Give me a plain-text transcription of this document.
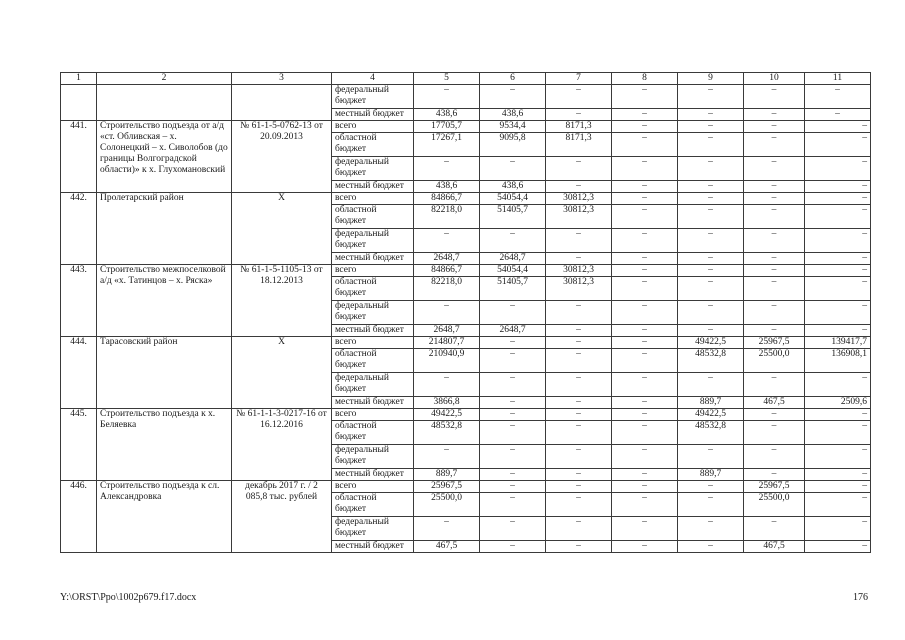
1	2	3	4	5	6	7	8	9	10	11
			федеральный бюджет	–	–	–	–	–	–	–
			местный бюджет	438,6	438,6	–	–	–	–	–
441.	Строительство подъезда от а/д «ст. Обливская – х. Солонецкий – х. Сиволобов (до границы Волгоградской области)» к х. Глухомановский	№ 61-1-5-0762-13 от 20.09.2013	всего	17705,7	9534,4	8171,3	–	–	–	–
			областной бюджет	17267,1	9095,8	8171,3	–	–	–	–
			федеральный бюджет	–	–	–	–	–	–	–
			местный бюджет	438,6	438,6	–	–	–	–	–
442.	Пролетарский район	Х	всего	84866,7	54054,4	30812,3	–	–	–	–
			областной бюджет	82218,0	51405,7	30812,3	–	–	–	–
			федеральный бюджет	–	–	–	–	–	–	–
			местный бюджет	2648,7	2648,7	–	–	–	–	–
443.	Строительство межпоселковой а/д «х. Татинцов – х. Ряска»	№ 61-1-5-1105-13 от 18.12.2013	всего	84866,7	54054,4	30812,3	–	–	–	–
			областной бюджет	82218,0	51405,7	30812,3	–	–	–	–
			федеральный бюджет	–	–	–	–	–	–	–
			местный бюджет	2648,7	2648,7	–	–	–	–	–
444.	Тарасовский район	Х	всего	214807,7	–	–	–	49422,5	25967,5	139417,7
			областной бюджет	210940,9	–	–	–	48532,8	25500,0	136908,1
			федеральный бюджет	–	–	–	–	–	–	–
			местный бюджет	3866,8	–	–	–	889,7	467,5	2509,6
445.	Строительство подъезда к х. Беляевка	№ 61-1-1-3-0217-16 от 16.12.2016	всего	49422,5	–	–	–	49422,5	–	–
			областной бюджет	48532,8	–	–	–	48532,8	–	–
			федеральный бюджет	–	–	–	–	–	–	–
			местный бюджет	889,7	–	–	–	889,7	–	–
446.	Строительство подъезда к сл. Александровка	декабрь 2017 г. / 2 085,8 тыс. рублей	всего	25967,5	–	–	–	–	25967,5	–
			областной бюджет	25500,0	–	–	–	–	25500,0	–
			федеральный бюджет	–	–	–	–	–	–	–
			местный бюджет	467,5	–	–	–	–	467,5	–
Y:\ORST\Ppo\1002p679.f17.docx	176
